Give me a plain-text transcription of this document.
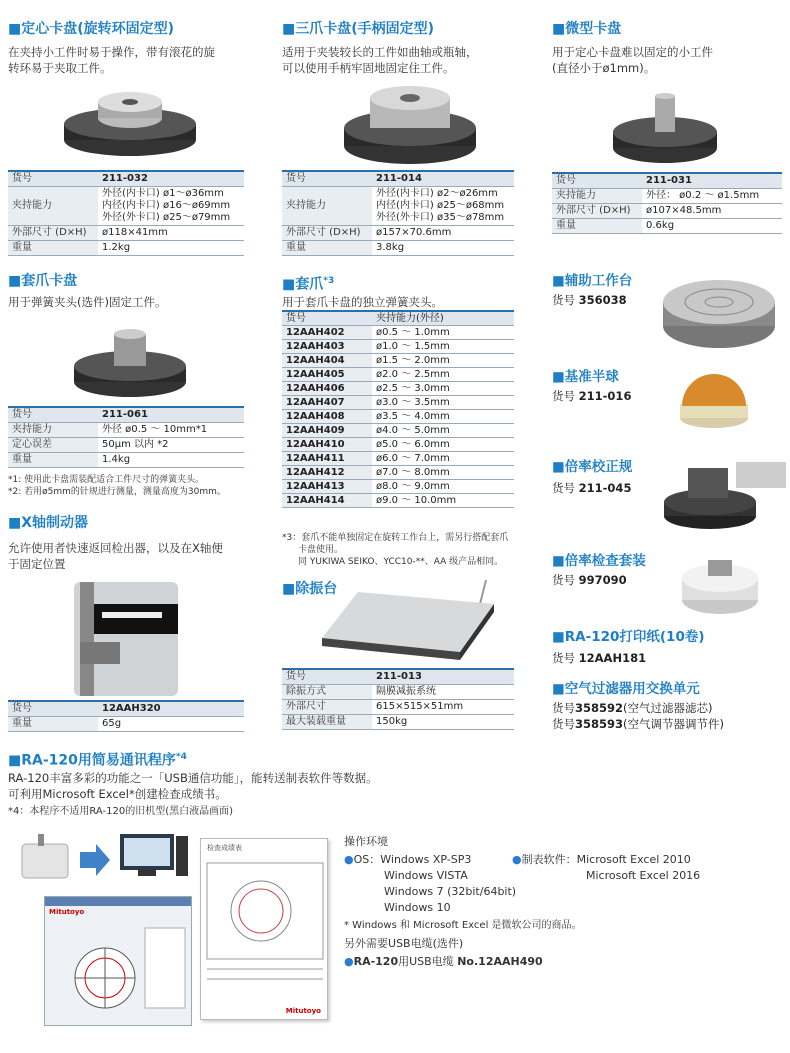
■定心卡盘(旋转环固定型)
在夹持小工件时易于操作，带有滚花的旋
转环易于夹取工件。
货号	211-032
夹持能力	外径(内卡口) ø1～ø36mm
内径(内卡口) ø16～ø69mm
外径(外卡口) ø25～ø79mm
外部尺寸 (D×H)	ø118×41mm
重量	1.2kg
■三爪卡盘(手柄固定型)
适用于夹装较长的工件如曲轴或瓶轴，
可以使用手柄牢固地固定住工件。
货号	211-014
夹持能力	外径(内卡口) ø2～ø26mm
内径(内卡口) ø25～ø68mm
外径(外卡口) ø35～ø78mm
外部尺寸 (D×H)	ø157×70.6mm
重量	3.8kg
■微型卡盘
用于定心卡盘难以固定的小工件
(直径小于ø1mm)。
货号	211-031
夹持能力	外径： ø0.2 ～ ø1.5mm
外部尺寸 (D×H)	ø107×48.5mm
重量	0.6kg
■套爪卡盘
用于弹簧夹头(选件)固定工件。
货号	211-061
夹持能力	外径 ø0.5 ～ 10mm*1
定心误差	50μm 以内 *2
重量	1.4kg
*1: 使用此卡盘需装配适合工件尺寸的弹簧夹头。
*2: 若用ø5mm的针规进行测量，测量高度为30mm。
■套爪$^{*3}$
用于套爪卡盘的独立弹簧夹头。
货号	夹持能力(外径)
12AAH402	ø0.5 ～ 1.0mm
12AAH403	ø1.0 ～ 1.5mm
12AAH404	ø1.5 ～ 2.0mm
12AAH405	ø2.0 ～ 2.5mm
12AAH406	ø2.5 ～ 3.0mm
12AAH407	ø3.0 ～ 3.5mm
12AAH408	ø3.5 ～ 4.0mm
12AAH409	ø4.0 ～ 5.0mm
12AAH410	ø5.0 ～ 6.0mm
12AAH411	ø6.0 ～ 7.0mm
12AAH412	ø7.0 ～ 8.0mm
12AAH413	ø8.0 ～ 9.0mm
12AAH414	ø9.0 ～ 10.0mm
*3：套爪不能单独固定在旋转工作台上，需另行搭配套爪
卡盘使用。
同 YUKIWA SEIKO、YCC10-**、AA 级产品相同。
■X轴制动器
允许使用者快速返回检出器，以及在X轴便
于固定位置
货号	12AAH320
重量	65g
■除振台
货号	211-013
除振方式	隔膜减振系统
外部尺寸	615×515×51mm
最大装载重量	150kg
■辅助工作台
货号 356038
■基准半球
货号 211-016
■倍率校正规
货号 211-045
■倍率检查套装
货号 997090
■RA-120打印纸(10卷)
货号 12AAH181
■空气过滤器用交换单元
货号358592(空气过滤器滤芯)
货号358593(空气调节器调节件)
■RA-120用简易通讯程序$^{*4}$
RA-120丰富多彩的功能之一「USB通信功能」，能转送制表软件等数据。
可利用Microsoft Excel*创建检查成绩书。
*4：本程序不适用RA-120的旧机型(黑白液晶画面)
Mitutoyo
检查成绩表
Mitutoyo
操作环境
●OS：Windows XP-SP3
Windows VISTA
Windows 7 (32bit/64bit)
Windows 10
●制表软件：Microsoft Excel 2010
Microsoft Excel 2016
* Windows 和 Microsoft Excel 是微软公司的商品。
另外需要USB电缆(选件)
●RA-120用USB电缆 No.12AAH490
